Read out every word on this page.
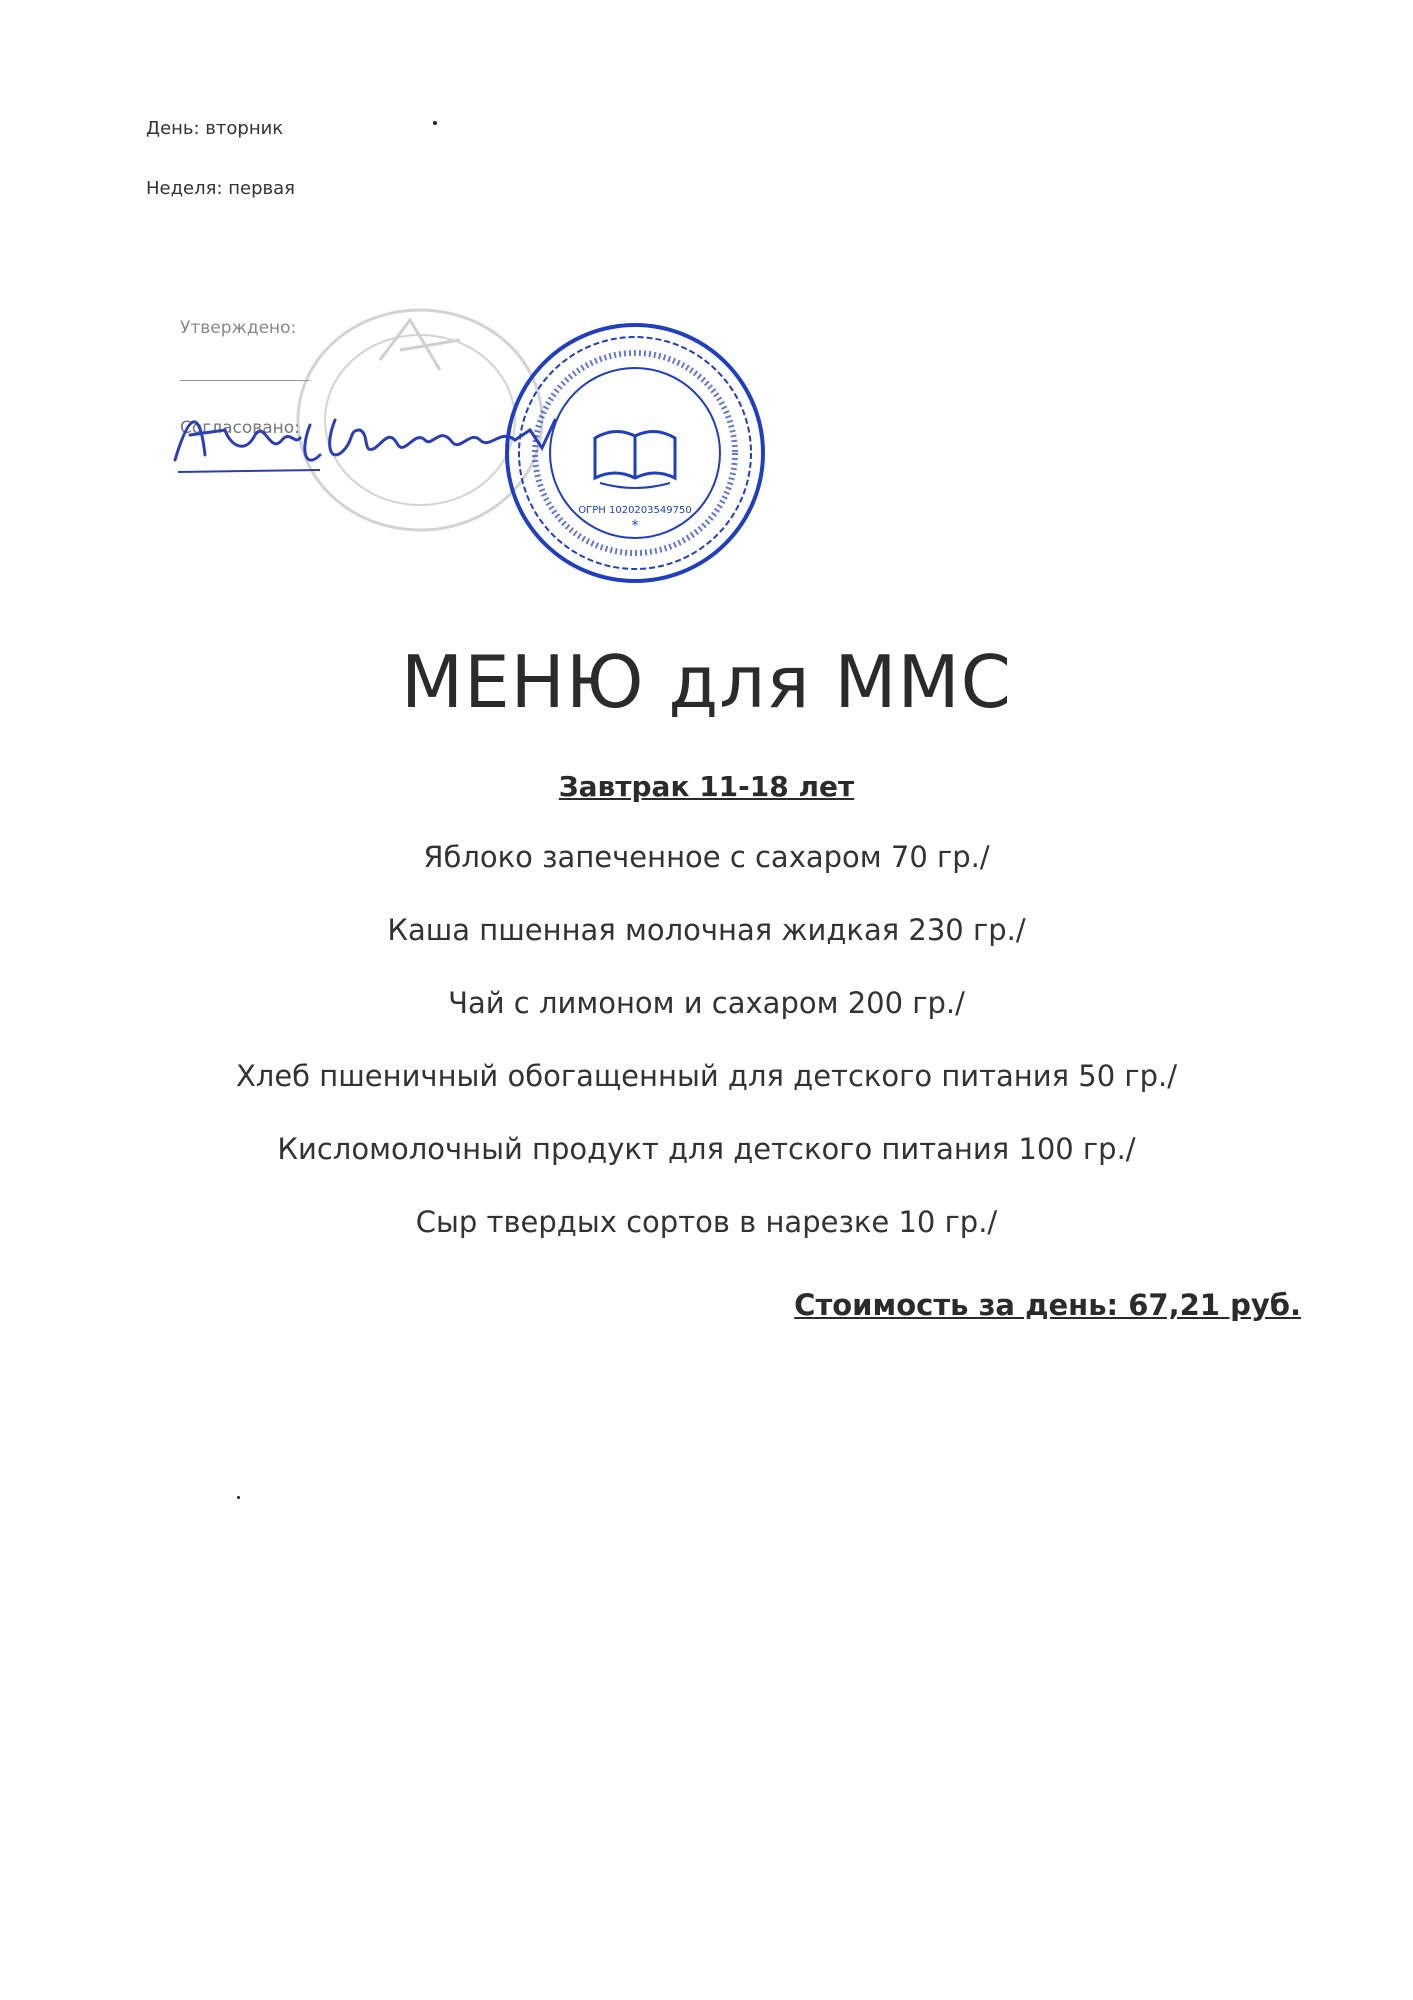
День: вторник
Неделя: первая
Утверждено:
Согласовано:
ОГРН 1020203549750
*
МЕНЮ для ММС
Завтрак 11-18 лет
Яблоко запеченное с сахаром 70 гр./
Каша пшенная молочная жидкая 230 гр./
Чай с лимоном и сахаром 200 гр./
Хлеб пшеничный обогащенный для детского питания 50 гр./
Кисломолочный продукт для детского питания 100 гр./
Сыр твердых сортов в нарезке 10 гр./
Стоимость за день: 67,21 руб.
